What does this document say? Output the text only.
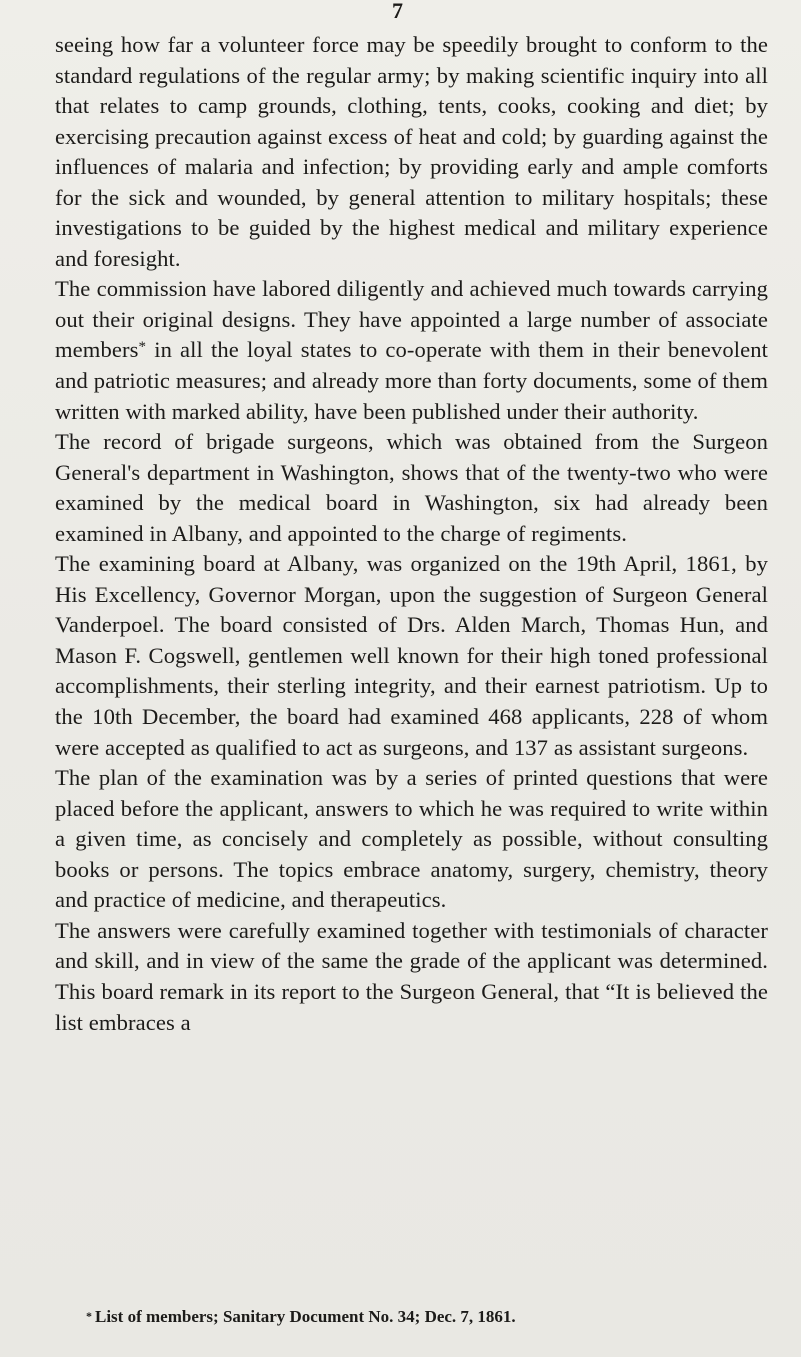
7

seeing how far a volunteer force may be speedily brought to conform to the standard regulations of the regular army; by making scientific inquiry into all that relates to camp grounds, clothing, tents, cooks, cooking and diet; by exercising precaution against excess of heat and cold; by guarding against the influences of malaria and infection; by providing early and ample comforts for the sick and wounded, by general attention to military hospitals; these investigations to be guided by the highest medical and military experience and foresight.

The commission have labored diligently and achieved much towards carrying out their original designs. They have appointed a large number of associate members* in all the loyal states to co-operate with them in their benevolent and patriotic measures; and already more than forty documents, some of them written with marked ability, have been published under their authority.

The record of brigade surgeons, which was obtained from the Surgeon General's department in Washington, shows that of the twenty-two who were examined by the medical board in Washington, six had already been examined in Albany, and appointed to the charge of regiments.

The examining board at Albany, was organized on the 19th April, 1861, by His Excellency, Governor Morgan, upon the suggestion of Surgeon General Vanderpoel. The board consisted of Drs. Alden March, Thomas Hun, and Mason F. Cogswell, gentlemen well known for their high toned professional accomplishments, their sterling integrity, and their earnest patriotism. Up to the 10th December, the board had examined 468 applicants, 228 of whom were accepted as qualified to act as surgeons, and 137 as assistant surgeons.

The plan of the examination was by a series of printed questions that were placed before the applicant, answers to which he was required to write within a given time, as concisely and completely as possible, without consulting books or persons. The topics embrace anatomy, surgery, chemistry, theory and practice of medicine, and therapeutics.

The answers were carefully examined together with testimonials of character and skill, and in view of the same the grade of the applicant was determined. This board remark in its report to the Surgeon General, that “It is believed the list embraces a

* List of members; Sanitary Document No. 34; Dec. 7, 1861.
